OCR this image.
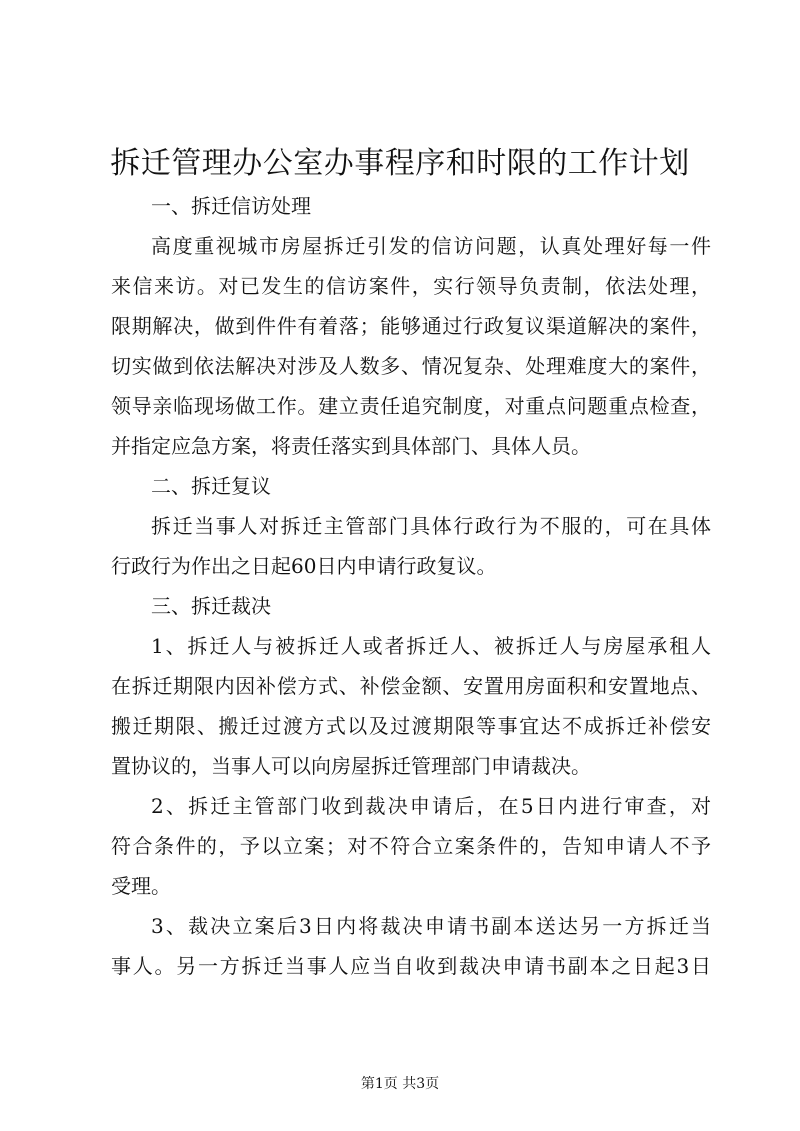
拆迁管理办公室办事程序和时限的工作计划
一、拆迁信访处理
高度重视城市房屋拆迁引发的信访问题，认真处理好每一件
来信来访。对已发生的信访案件，实行领导负责制，依法处理，
限期解决，做到件件有着落；能够通过行政复议渠道解决的案件，
切实做到依法解决对涉及人数多、情况复杂、处理难度大的案件，
领导亲临现场做工作。建立责任追究制度，对重点问题重点检查，
并指定应急方案，将责任落实到具体部门、具体人员。
二、拆迁复议
拆迁当事人对拆迁主管部门具体行政行为不服的，可在具体
行政行为作出之日起60日内申请行政复议。
三、拆迁裁决
1、拆迁人与被拆迁人或者拆迁人、被拆迁人与房屋承租人
在拆迁期限内因补偿方式、补偿金额、安置用房面积和安置地点、
搬迁期限、搬迁过渡方式以及过渡期限等事宜达不成拆迁补偿安
置协议的，当事人可以向房屋拆迁管理部门申请裁决。
2、拆迁主管部门收到裁决申请后，在5日内进行审查，对
符合条件的，予以立案；对不符合立案条件的，告知申请人不予
受理。
3、裁决立案后3日内将裁决申请书副本送达另一方拆迁当
事人。另一方拆迁当事人应当自收到裁决申请书副本之日起3日
第1页 共3页
